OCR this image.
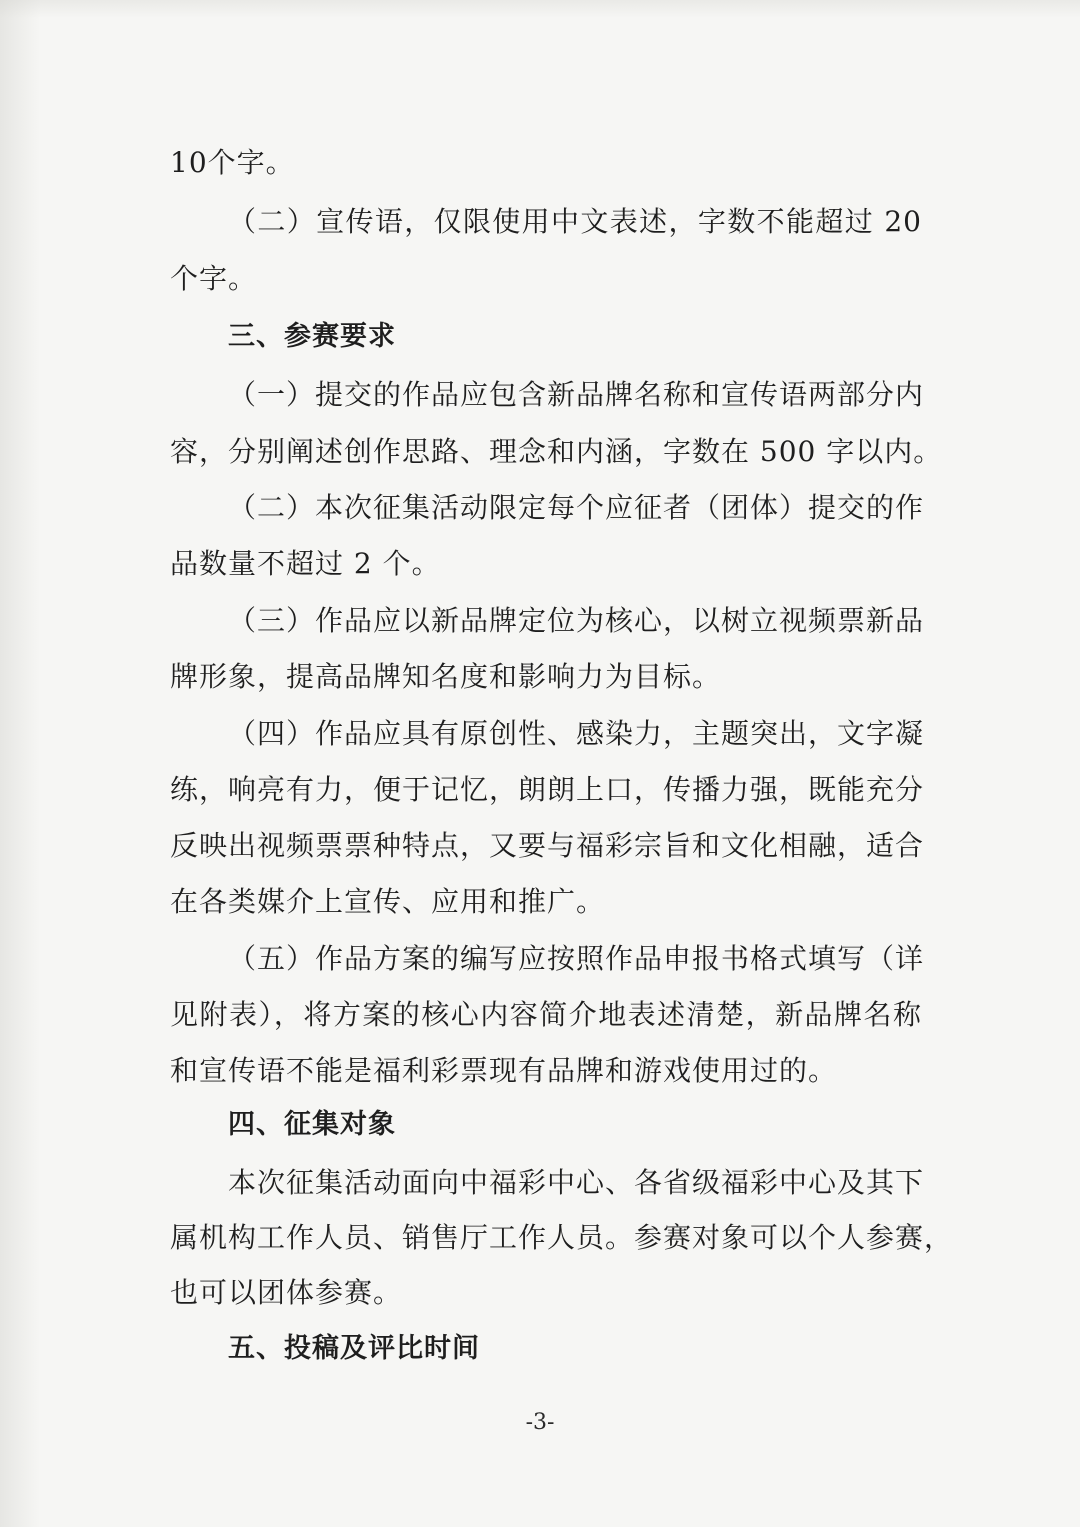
10个字。
（二）宣传语，仅限使用中文表述，字数不能超过 20
个字。
三、参赛要求
（一）提交的作品应包含新品牌名称和宣传语两部分内
容，分别阐述创作思路、理念和内涵，字数在 500 字以内。
（二）本次征集活动限定每个应征者（团体）提交的作
品数量不超过 2 个。
（三）作品应以新品牌定位为核心，以树立视频票新品
牌形象，提高品牌知名度和影响力为目标。
（四）作品应具有原创性、感染力，主题突出，文字凝
练，响亮有力，便于记忆，朗朗上口，传播力强，既能充分
反映出视频票票种特点，又要与福彩宗旨和文化相融，适合
在各类媒介上宣传、应用和推广。
（五）作品方案的编写应按照作品申报书格式填写（详
见附表），将方案的核心内容简介地表述清楚，新品牌名称
和宣传语不能是福利彩票现有品牌和游戏使用过的。
四、征集对象
本次征集活动面向中福彩中心、各省级福彩中心及其下
属机构工作人员、销售厅工作人员。参赛对象可以个人参赛，
也可以团体参赛。
五、投稿及评比时间
-3-
